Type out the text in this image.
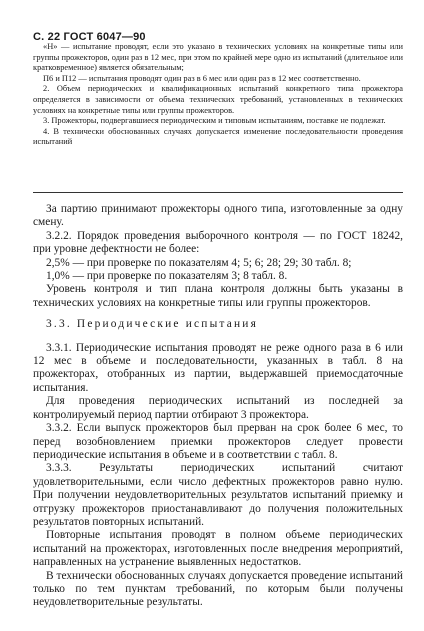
С. 22 ГОСТ 6047—90

«Н» — испытание проводят, если это указано в технических условиях на конкретные типы или группы прожекторов, один раз в 12 мес, при этом по крайней мере одно из испытаний (длительное или кратковременное) является обязательным;

П6 и П12 — испытания проводят один раз в 6 мес или один раз в 12 мес соответственно.

2. Объем периодических и квалификационных испытаний конкретного типа прожектора определяется в зависимости от объема технических требований, установленных в технических условиях на конкретные типы или группы прожекторов.

3. Прожекторы, подвергавшиеся периодическим и типовым испытаниям, поставке не подлежат.

4. В технически обоснованных случаях допускается изменение последовательности проведения испытаний

За партию принимают прожекторы одного типа, изготовленные за одну смену.

3.2.2. Порядок проведения выборочного контроля — по ГОСТ 18242, при уровне дефектности не более:

2,5% — при проверке по показателям 4; 5; 6; 28; 29; 30 табл. 8;

1,0% — при проверке по показателям 3; 8 табл. 8.

Уровень контроля и тип плана контроля должны быть указаны в технических условиях на конкретные типы или группы прожекторов.

3.3. Периодические испытания

3.3.1. Периодические испытания проводят не реже одного раза в 6 или 12 мес в объеме и последовательности, указанных в табл. 8 на прожекторах, отобранных из партии, выдержавшей приемосдаточные испытания.

Для проведения периодических испытаний из последней за контролируемый период партии отбирают 3 прожектора.

3.3.2. Если выпуск прожекторов был прерван на срок более 6 мес, то перед возобновлением приемки прожекторов следует провести периодические испытания в объеме и в соответствии с табл. 8.

3.3.3. Результаты периодических испытаний считают удовлетворительными, если число дефектных прожекторов равно нулю. При получении неудовлетворительных результатов испытаний приемку и отгрузку прожекторов приостанавливают до получения положительных результатов повторных испытаний.

Повторные испытания проводят в полном объеме периодических испытаний на прожекторах, изготовленных после внедрения мероприятий, направленных на устранение выявленных недостатков.

В технически обоснованных случаях допускается проведение испытаний только по тем пунктам требований, по которым были получены неудовлетворительные результаты.
